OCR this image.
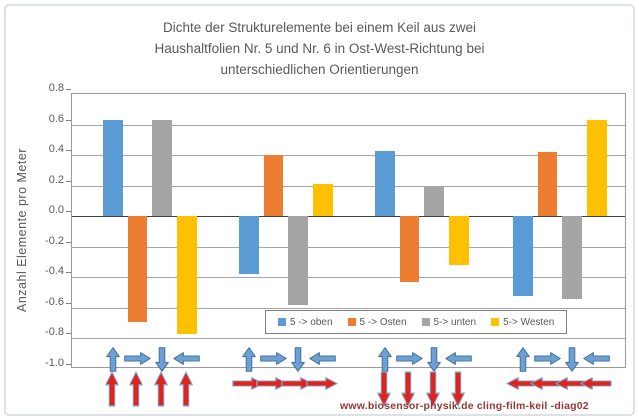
Dichte der Strukturelemente bei einem Keil aus zwei
Haushaltfolien Nr. 5 und Nr. 6 in Ost-West-Richtung bei
unterschiedlichen Orientierungen
Anzahl Elemente pro Meter
0.8
0.6
0.4
0.2
0.0
-0.2
-0.4
-0.6
-0.8
-1.0
5 -> oben	5 -> Osten	5-> unten	5-> Westen
www.biosensor-physik.de cling-film-keil -diag02
